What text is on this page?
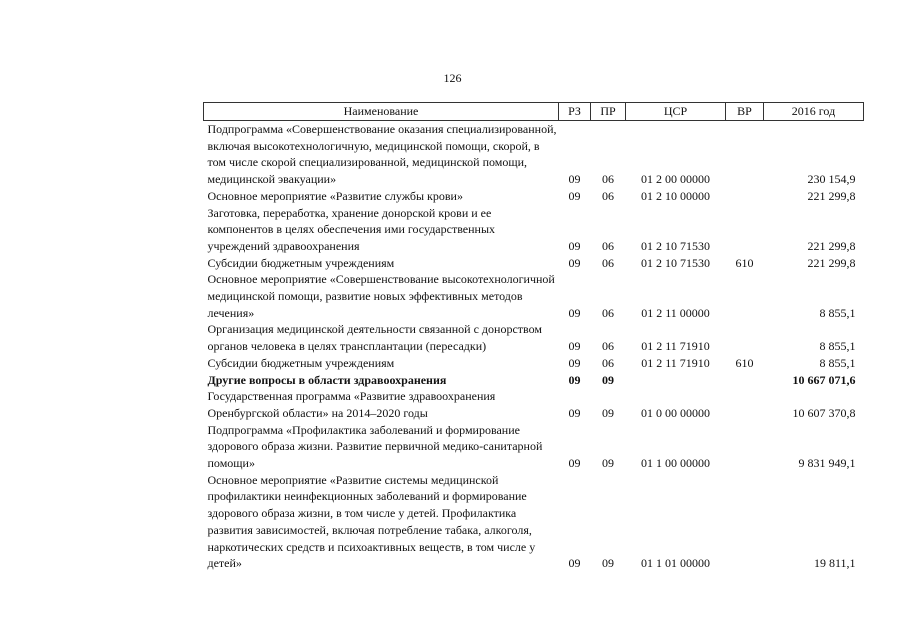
126
Наименование	РЗ	ПР	ЦСР	ВР	2016 год
Подпрограмма «Совершенствование оказания специализированной, включая высокотехнологичную, медицинской помощи, скорой, в том числе скорой специализированной, медицинской помощи, медицинской эвакуации»	09	06	01 2 00 00000		230 154,9
Основное мероприятие «Развитие службы крови»	09	06	01 2 10 00000		221 299,8
Заготовка, переработка, хранение донорской крови и ее компонентов в целях обеспечения ими государственных учреждений здравоохранения	09	06	01 2 10 71530		221 299,8
Субсидии бюджетным учреждениям	09	06	01 2 10 71530	610	221 299,8
Основное мероприятие «Совершенствование высокотехнологичной медицинской помощи, развитие новых эффективных методов лечения»	09	06	01 2 11 00000		8 855,1
Организация медицинской деятельности связанной с донорством органов человека в целях трансплантации (пересадки)	09	06	01 2 11 71910		8 855,1
Субсидии бюджетным учреждениям	09	06	01 2 11 71910	610	8 855,1
Другие вопросы в области здравоохранения	09	09			10 667 071,6
Государственная программа «Развитие здравоохранения Оренбургской области» на 2014–2020 годы	09	09	01 0 00 00000		10 607 370,8
Подпрограмма «Профилактика заболеваний и формирование здорового образа жизни. Развитие первичной медико-санитарной помощи»	09	09	01 1 00 00000		9 831 949,1
Основное мероприятие «Развитие системы медицинской профилактики неинфекционных заболеваний и формирование здорового образа жизни, в том числе у детей. Профилактика развития зависимостей, включая потребление табака, алкоголя, наркотических средств и психоактивных веществ, в том числе у детей»	09	09	01 1 01 00000		19 811,1
